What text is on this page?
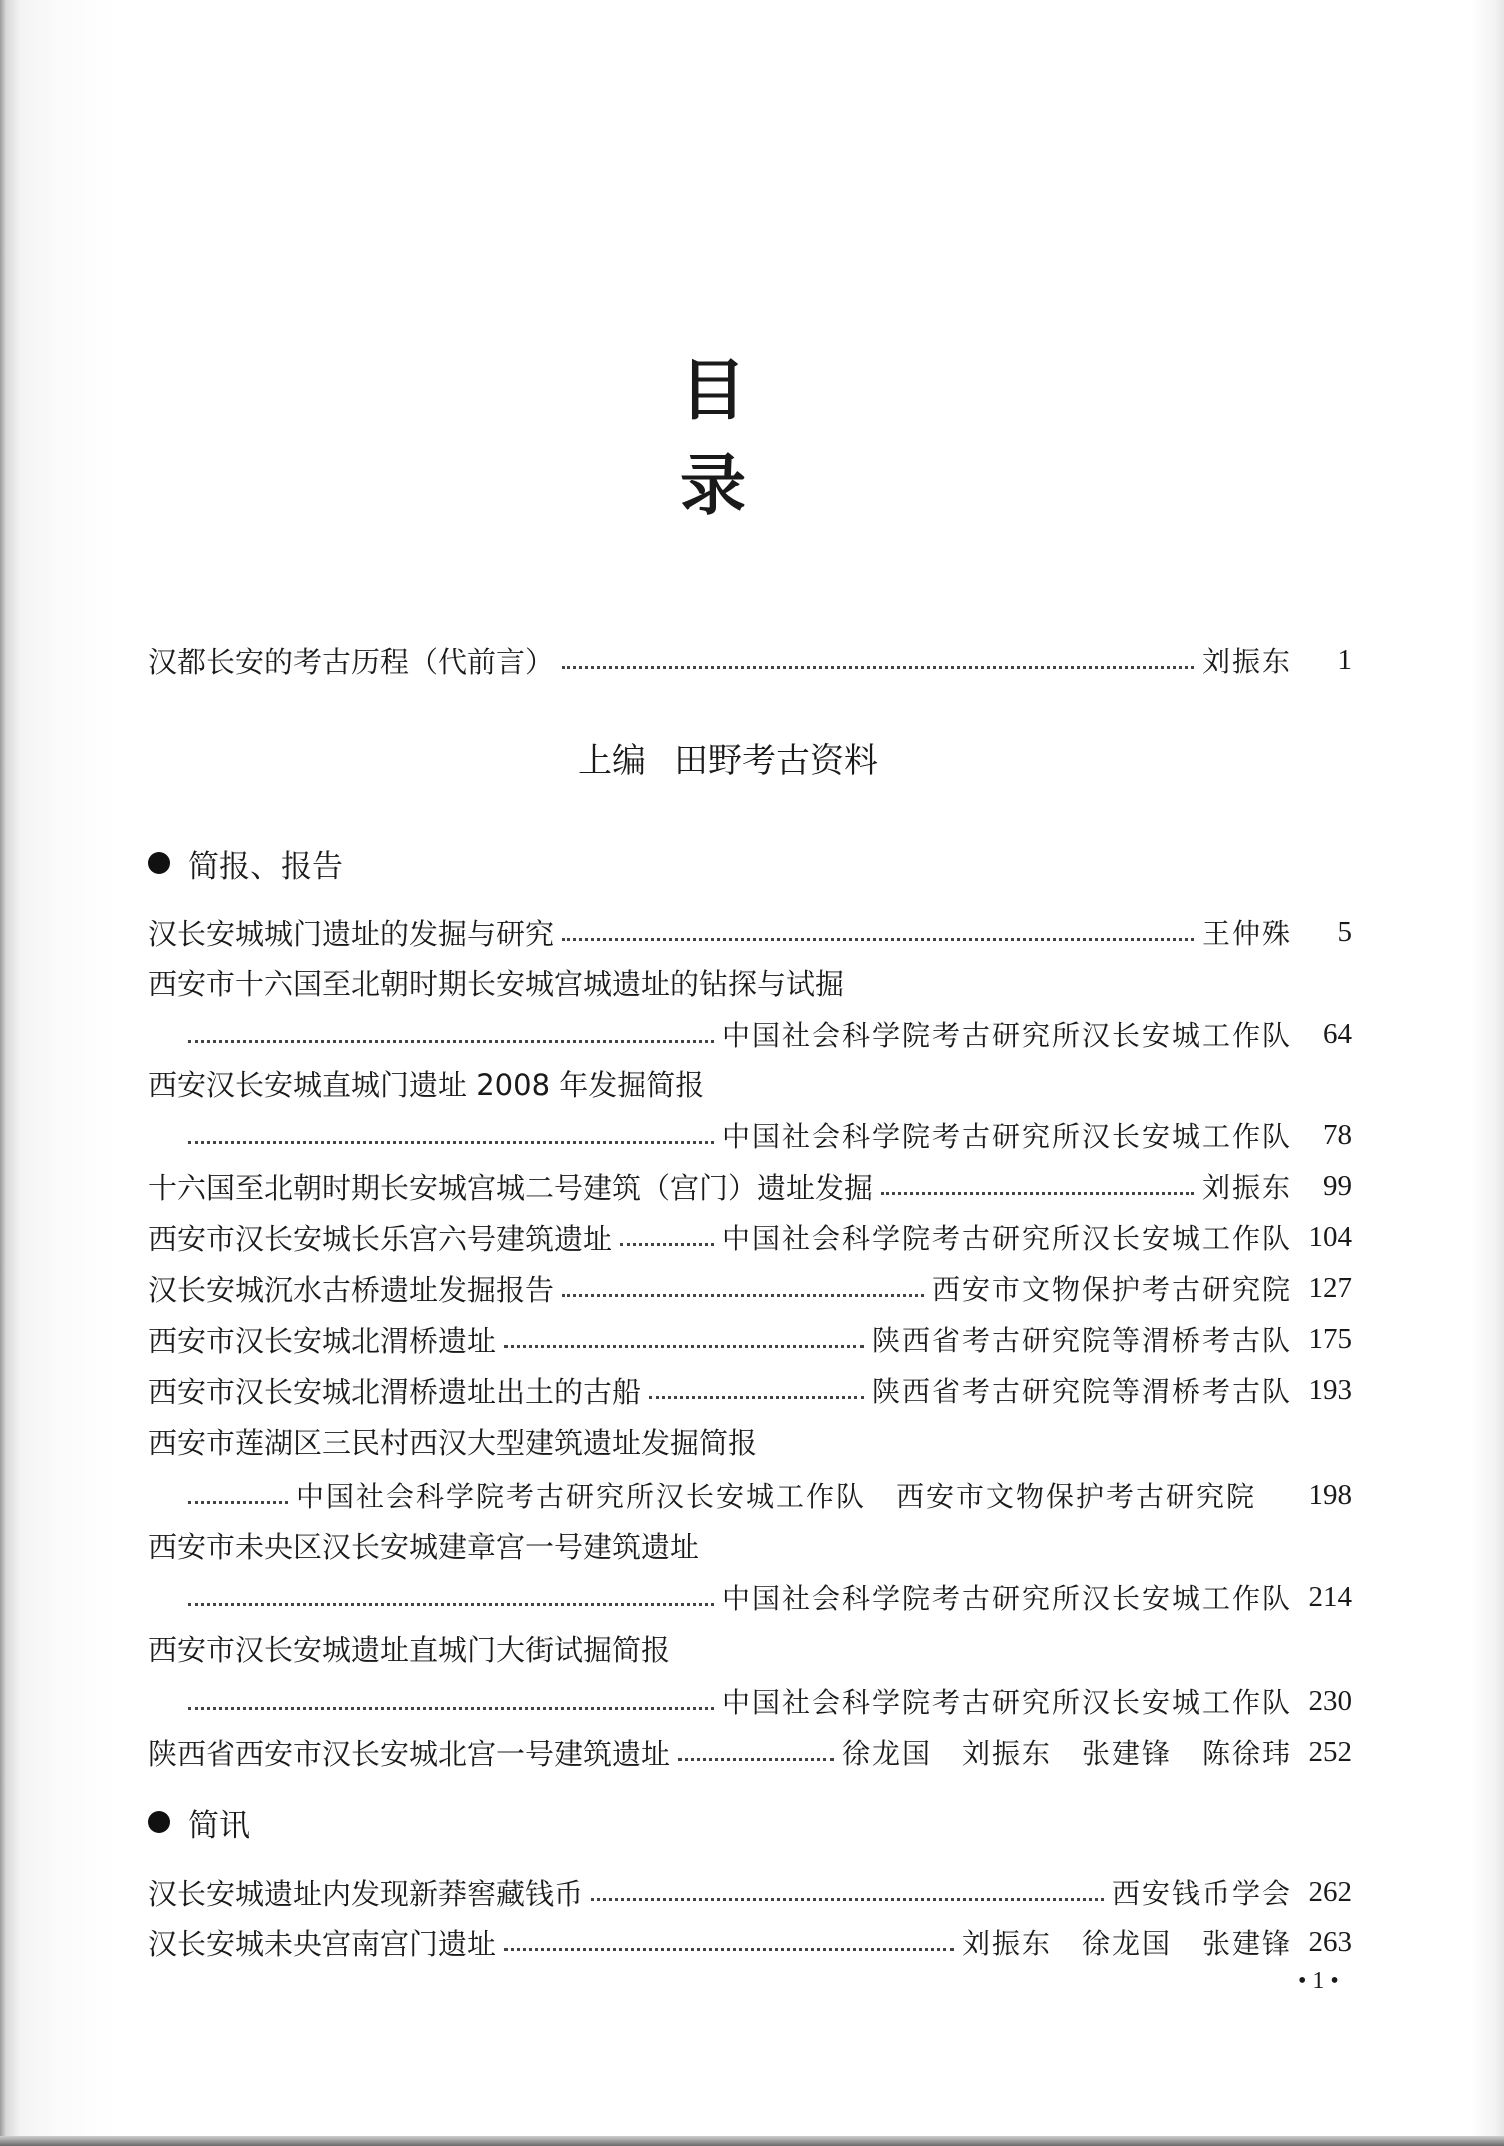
汉都长安的考古历程（代前言）	刘振东	1
上编 田野考古资料
简报、报告
汉长安城城门遗址的发掘与研究	王仲殊	5
西安市十六国至北朝时期长安城宫城遗址的钻探与试掘
中国社会科学院考古研究所汉长安城工作队	64
西安汉长安城直城门遗址 2008 年发掘简报
中国社会科学院考古研究所汉长安城工作队	78
十六国至北朝时期长安城宫城二号建筑（宫门）遗址发掘	刘振东	99
西安市汉长安城长乐宫六号建筑遗址	中国社会科学院考古研究所汉长安城工作队 104
汉长安城沉水古桥遗址发掘报告	西安市文物保护考古研究院 127
西安市汉长安城北渭桥遗址	陕西省考古研究院等渭桥考古队 175
西安市汉长安城北渭桥遗址出土的古船	陕西省考古研究院等渭桥考古队 193
西安市莲湖区三民村西汉大型建筑遗址发掘简报
中国社会科学院考古研究所汉长安城工作队　西安市文物保护考古研究院	198
西安市未央区汉长安城建章宫一号建筑遗址
中国社会科学院考古研究所汉长安城工作队 214
西安市汉长安城遗址直城门大街试掘简报
中国社会科学院考古研究所汉长安城工作队 230
陕西省西安市汉长安城北宫一号建筑遗址	徐龙国　刘振东　张建锋　陈徐玮 252
简讯
汉长安城遗址内发现新莽窖藏钱币	西安钱币学会 262
汉长安城未央宫南宫门遗址	刘振东　徐龙国　张建锋 263
• 1 •
